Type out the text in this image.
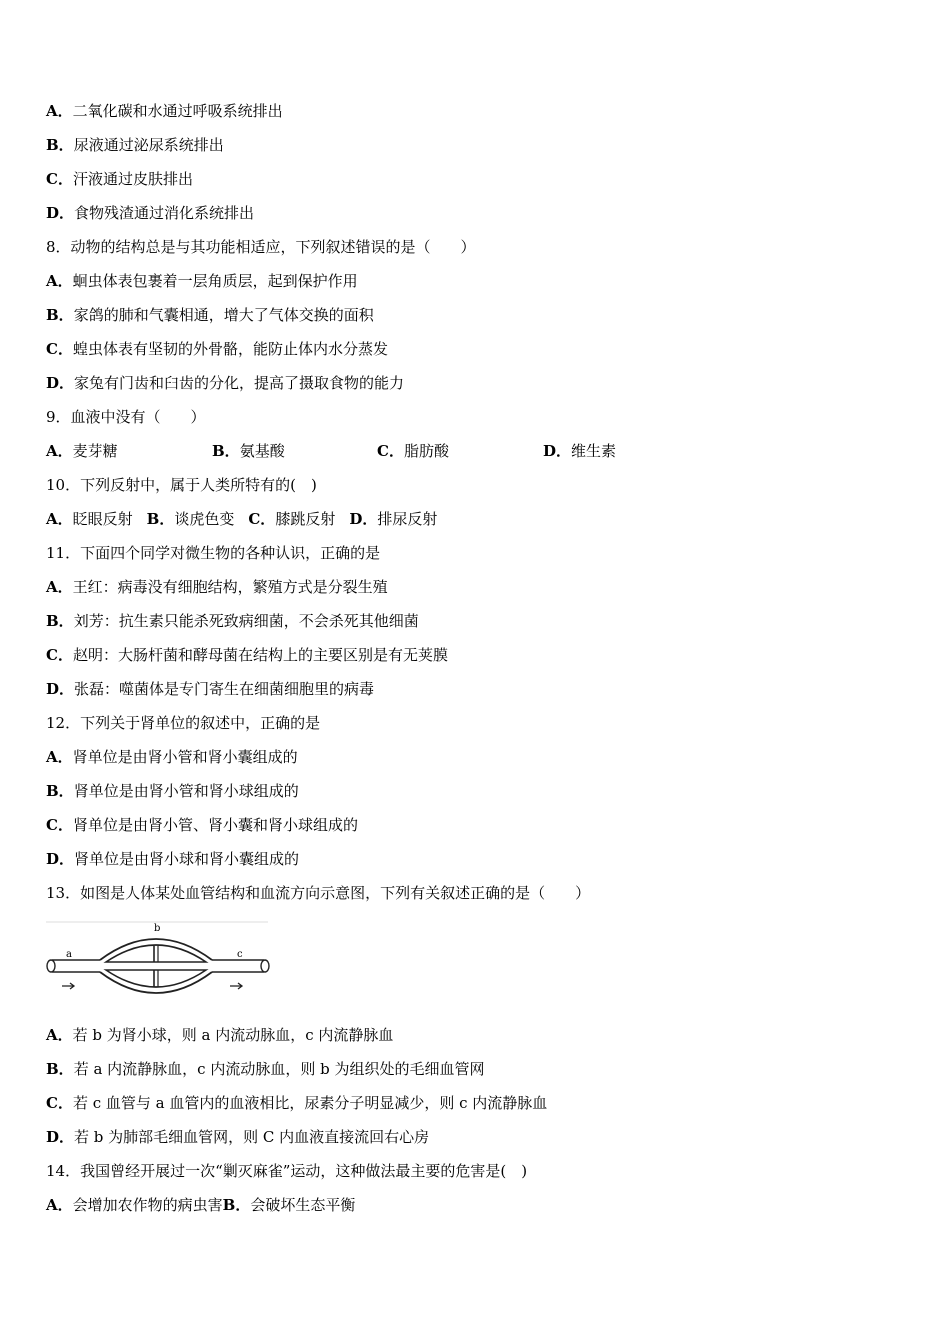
A．二氧化碳和水通过呼吸系统排出
B．尿液通过泌尿系统排出
C．汗液通过皮肤排出
D．食物残渣通过消化系统排出
8．动物的结构总是与其功能相适应，下列叙述错误的是（　　）
A．蛔虫体表包裹着一层角质层，起到保护作用
B．家鸽的肺和气囊相通，增大了气体交换的面积
C．蝗虫体表有坚韧的外骨骼，能防止体内水分蒸发
D．家兔有门齿和臼齿的分化，提高了摄取食物的能力
9．血液中没有（　　）
A．麦芽糖	B．氨基酸	C．脂肪酸	D．维生素
10．下列反射中，属于人类所特有的(　)
A．眨眼反射 B．谈虎色变 C．膝跳反射 D．排尿反射
11．下面四个同学对微生物的各种认识，正确的是
A．王红：病毒没有细胞结构，繁殖方式是分裂生殖
B．刘芳：抗生素只能杀死致病细菌，不会杀死其他细菌
C．赵明：大肠杆菌和酵母菌在结构上的主要区别是有无荚膜
D．张磊：噬菌体是专门寄生在细菌细胞里的病毒
12．下列关于肾单位的叙述中，正确的是
A．肾单位是由肾小管和肾小囊组成的
B．肾单位是由肾小管和肾小球组成的
C．肾单位是由肾小管、肾小囊和肾小球组成的
D．肾单位是由肾小球和肾小囊组成的
13．如图是人体某处血管结构和血流方向示意图，下列有关叙述正确的是（　　）
b
a	c
A．若 b 为肾小球，则 a 内流动脉血，c 内流静脉血
B．若 a 内流静脉血，c 内流动脉血，则 b 为组织处的毛细血管网
C．若 c 血管与 a 血管内的血液相比，尿素分子明显减少，则 c 内流静脉血
D．若 b 为肺部毛细血管网，则 C 内血液直接流回右心房
14．我国曾经开展过一次“剿灭麻雀”运动，这种做法最主要的危害是(　)
A．会增加农作物的病虫害B．会破坏生态平衡
